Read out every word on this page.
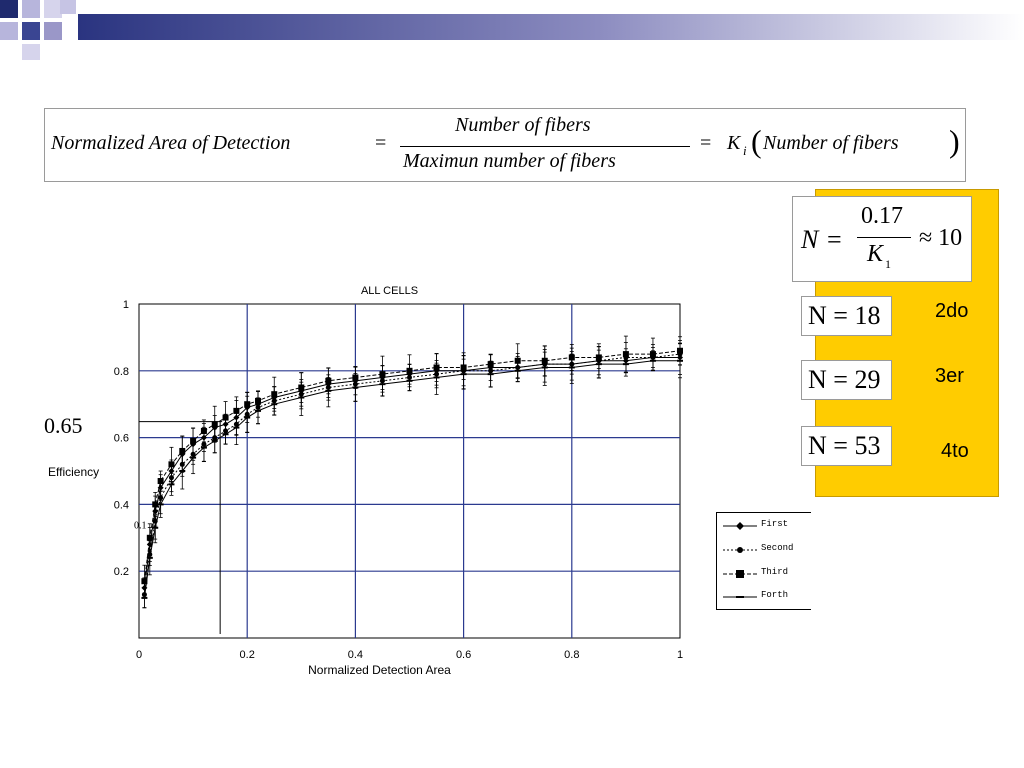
Normalized Area of Detection	=
Number of fibers
Maximun number of fibers
= K i ( Number of fibers )
N =
0.17
K 1
≈ 10
N = 18	2do
N = 29	3er
N = 53	4to
0.65
Efficiency
0	0.2	0.4	0.6	0.8	1
0.2
0.4
0.6
0.8
1
ALL CELLS
Normalized Detection Area
0.1	First
Second
Third
Forth
